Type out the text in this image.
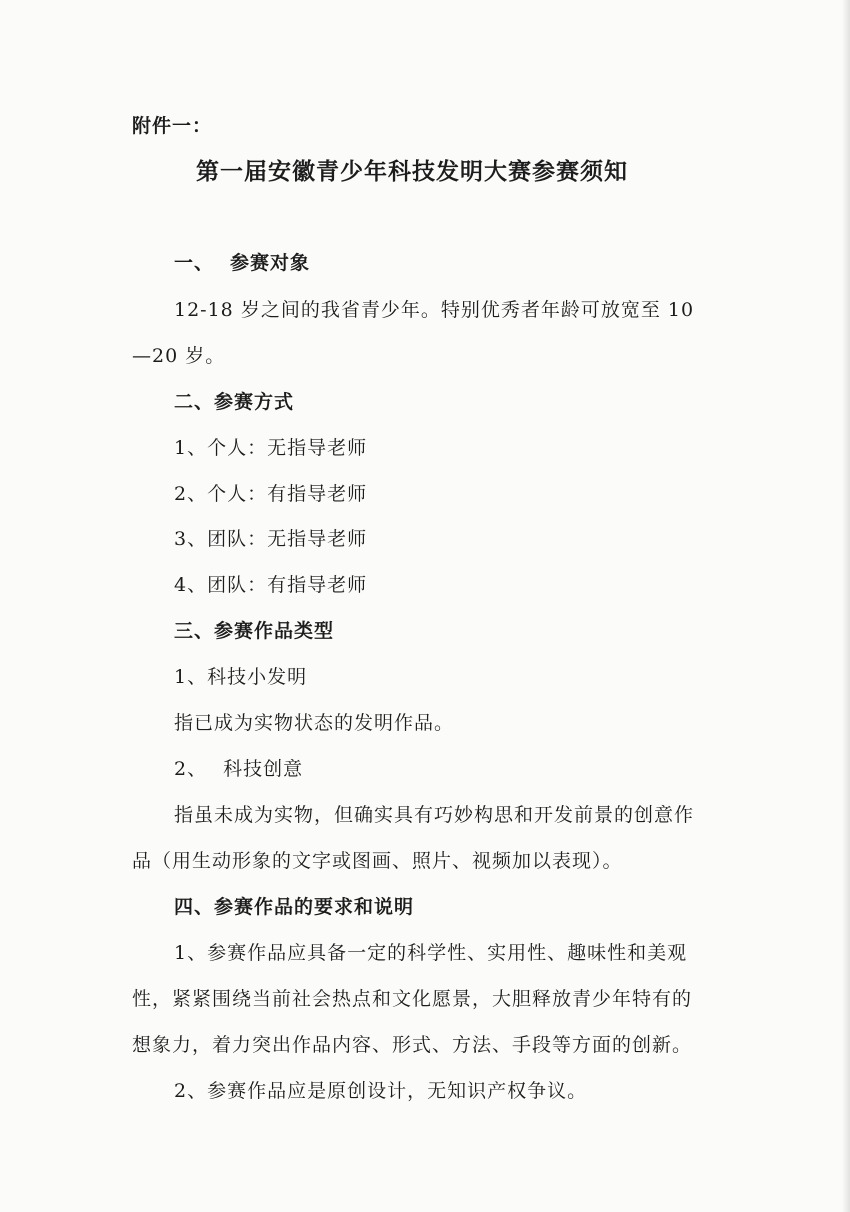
附件一：
第一届安徽青少年科技发明大赛参赛须知
一、 参赛对象
12-18 岁之间的我省青少年。特别优秀者年龄可放宽至 10
—20 岁。
二、参赛方式
1、个人：无指导老师
2、个人：有指导老师
3、团队：无指导老师
4、团队：有指导老师
三、参赛作品类型
1、科技小发明
指已成为实物状态的发明作品。
2、 科技创意
指虽未成为实物，但确实具有巧妙构思和开发前景的创意作
品（用生动形象的文字或图画、照片、视频加以表现）。
四、参赛作品的要求和说明
1、参赛作品应具备一定的科学性、实用性、趣味性和美观
性，紧紧围绕当前社会热点和文化愿景，大胆释放青少年特有的
想象力，着力突出作品内容、形式、方法、手段等方面的创新。
2、参赛作品应是原创设计，无知识产权争议。
